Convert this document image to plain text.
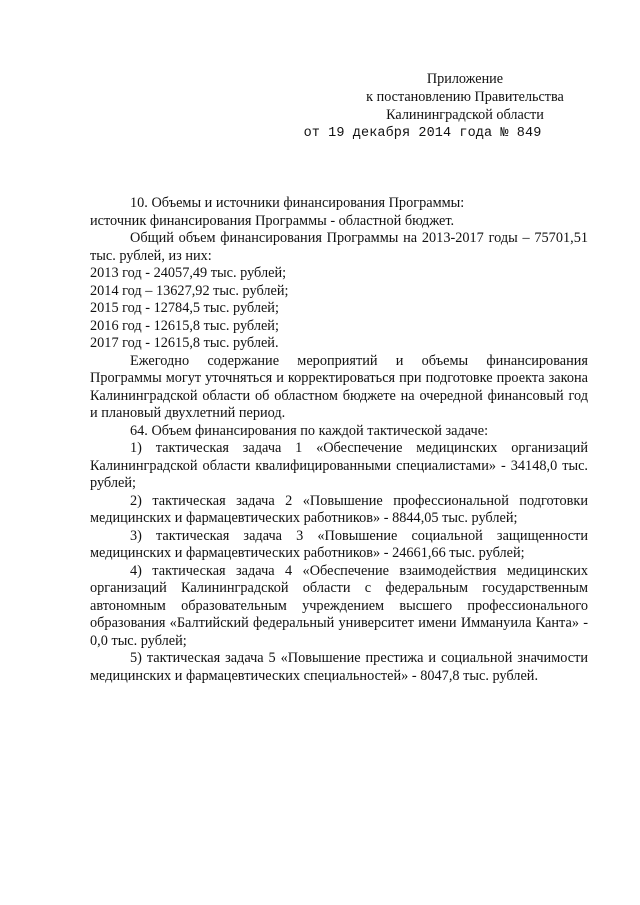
Приложение
к постановлению Правительства
Калининградской области
от 19 декабря 2014 года № 849

10. Объемы и источники финансирования Программы:

источник финансирования Программы - областной бюджет.

Общий объем финансирования Программы на 2013-2017 годы – 75701,51 тыс. рублей, из них:

2013 год - 24057,49 тыс. рублей;

2014 год – 13627,92 тыс. рублей;

2015 год - 12784,5 тыс. рублей;

2016 год - 12615,8 тыс. рублей;

2017 год - 12615,8 тыс. рублей.

Ежегодно содержание мероприятий и объемы финансирования Программы могут уточняться и корректироваться при подготовке проекта закона Калининградской области об областном бюджете на очередной финансовый год и плановый двухлетний период.

64. Объем финансирования по каждой тактической задаче:

1) тактическая задача 1 «Обеспечение медицинских организаций Калининградской области квалифицированными специалистами» - 34148,0 тыс. рублей;

2) тактическая задача 2 «Повышение профессиональной подготовки медицинских и фармацевтических работников» - 8844,05 тыс. рублей;

3) тактическая задача 3 «Повышение социальной защищенности медицинских и фармацевтических работников» - 24661,66 тыс. рублей;

4) тактическая задача 4 «Обеспечение взаимодействия медицинских организаций Калининградской области с федеральным государственным автономным образовательным учреждением высшего профессионального образования «Балтийский федеральный университет имени Иммануила Канта» - 0,0 тыс. рублей;

5) тактическая задача 5 «Повышение престижа и социальной значимости медицинских и фармацевтических специальностей» - 8047,8 тыс. рублей.
